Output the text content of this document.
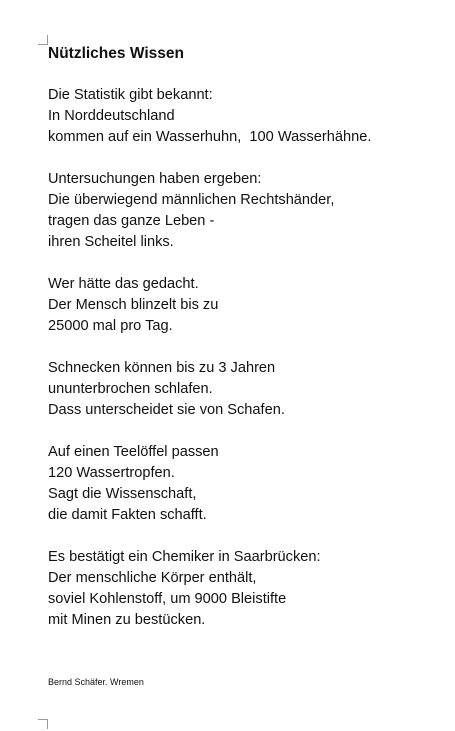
Nützliches Wissen
Die Statistik gibt bekannt:
In Norddeutschland
kommen auf ein Wasserhuhn,  100 Wasserhähne.
Untersuchungen haben ergeben:
Die überwiegend männlichen Rechtshänder,
tragen das ganze Leben -
ihren Scheitel links.
Wer hätte das gedacht.
Der Mensch blinzelt bis zu
25000 mal pro Tag.
Schnecken können bis zu 3 Jahren
ununterbrochen schlafen.
Dass unterscheidet sie von Schafen.
Auf einen Teelöffel passen
120 Wassertropfen.
Sagt die Wissenschaft,
die damit Fakten schafft.
Es bestätigt ein Chemiker in Saarbrücken:
Der menschliche Körper enthält,
soviel Kohlenstoff, um 9000 Bleistifte
mit Minen zu bestücken.
Bernd Schäfer. Wremen
